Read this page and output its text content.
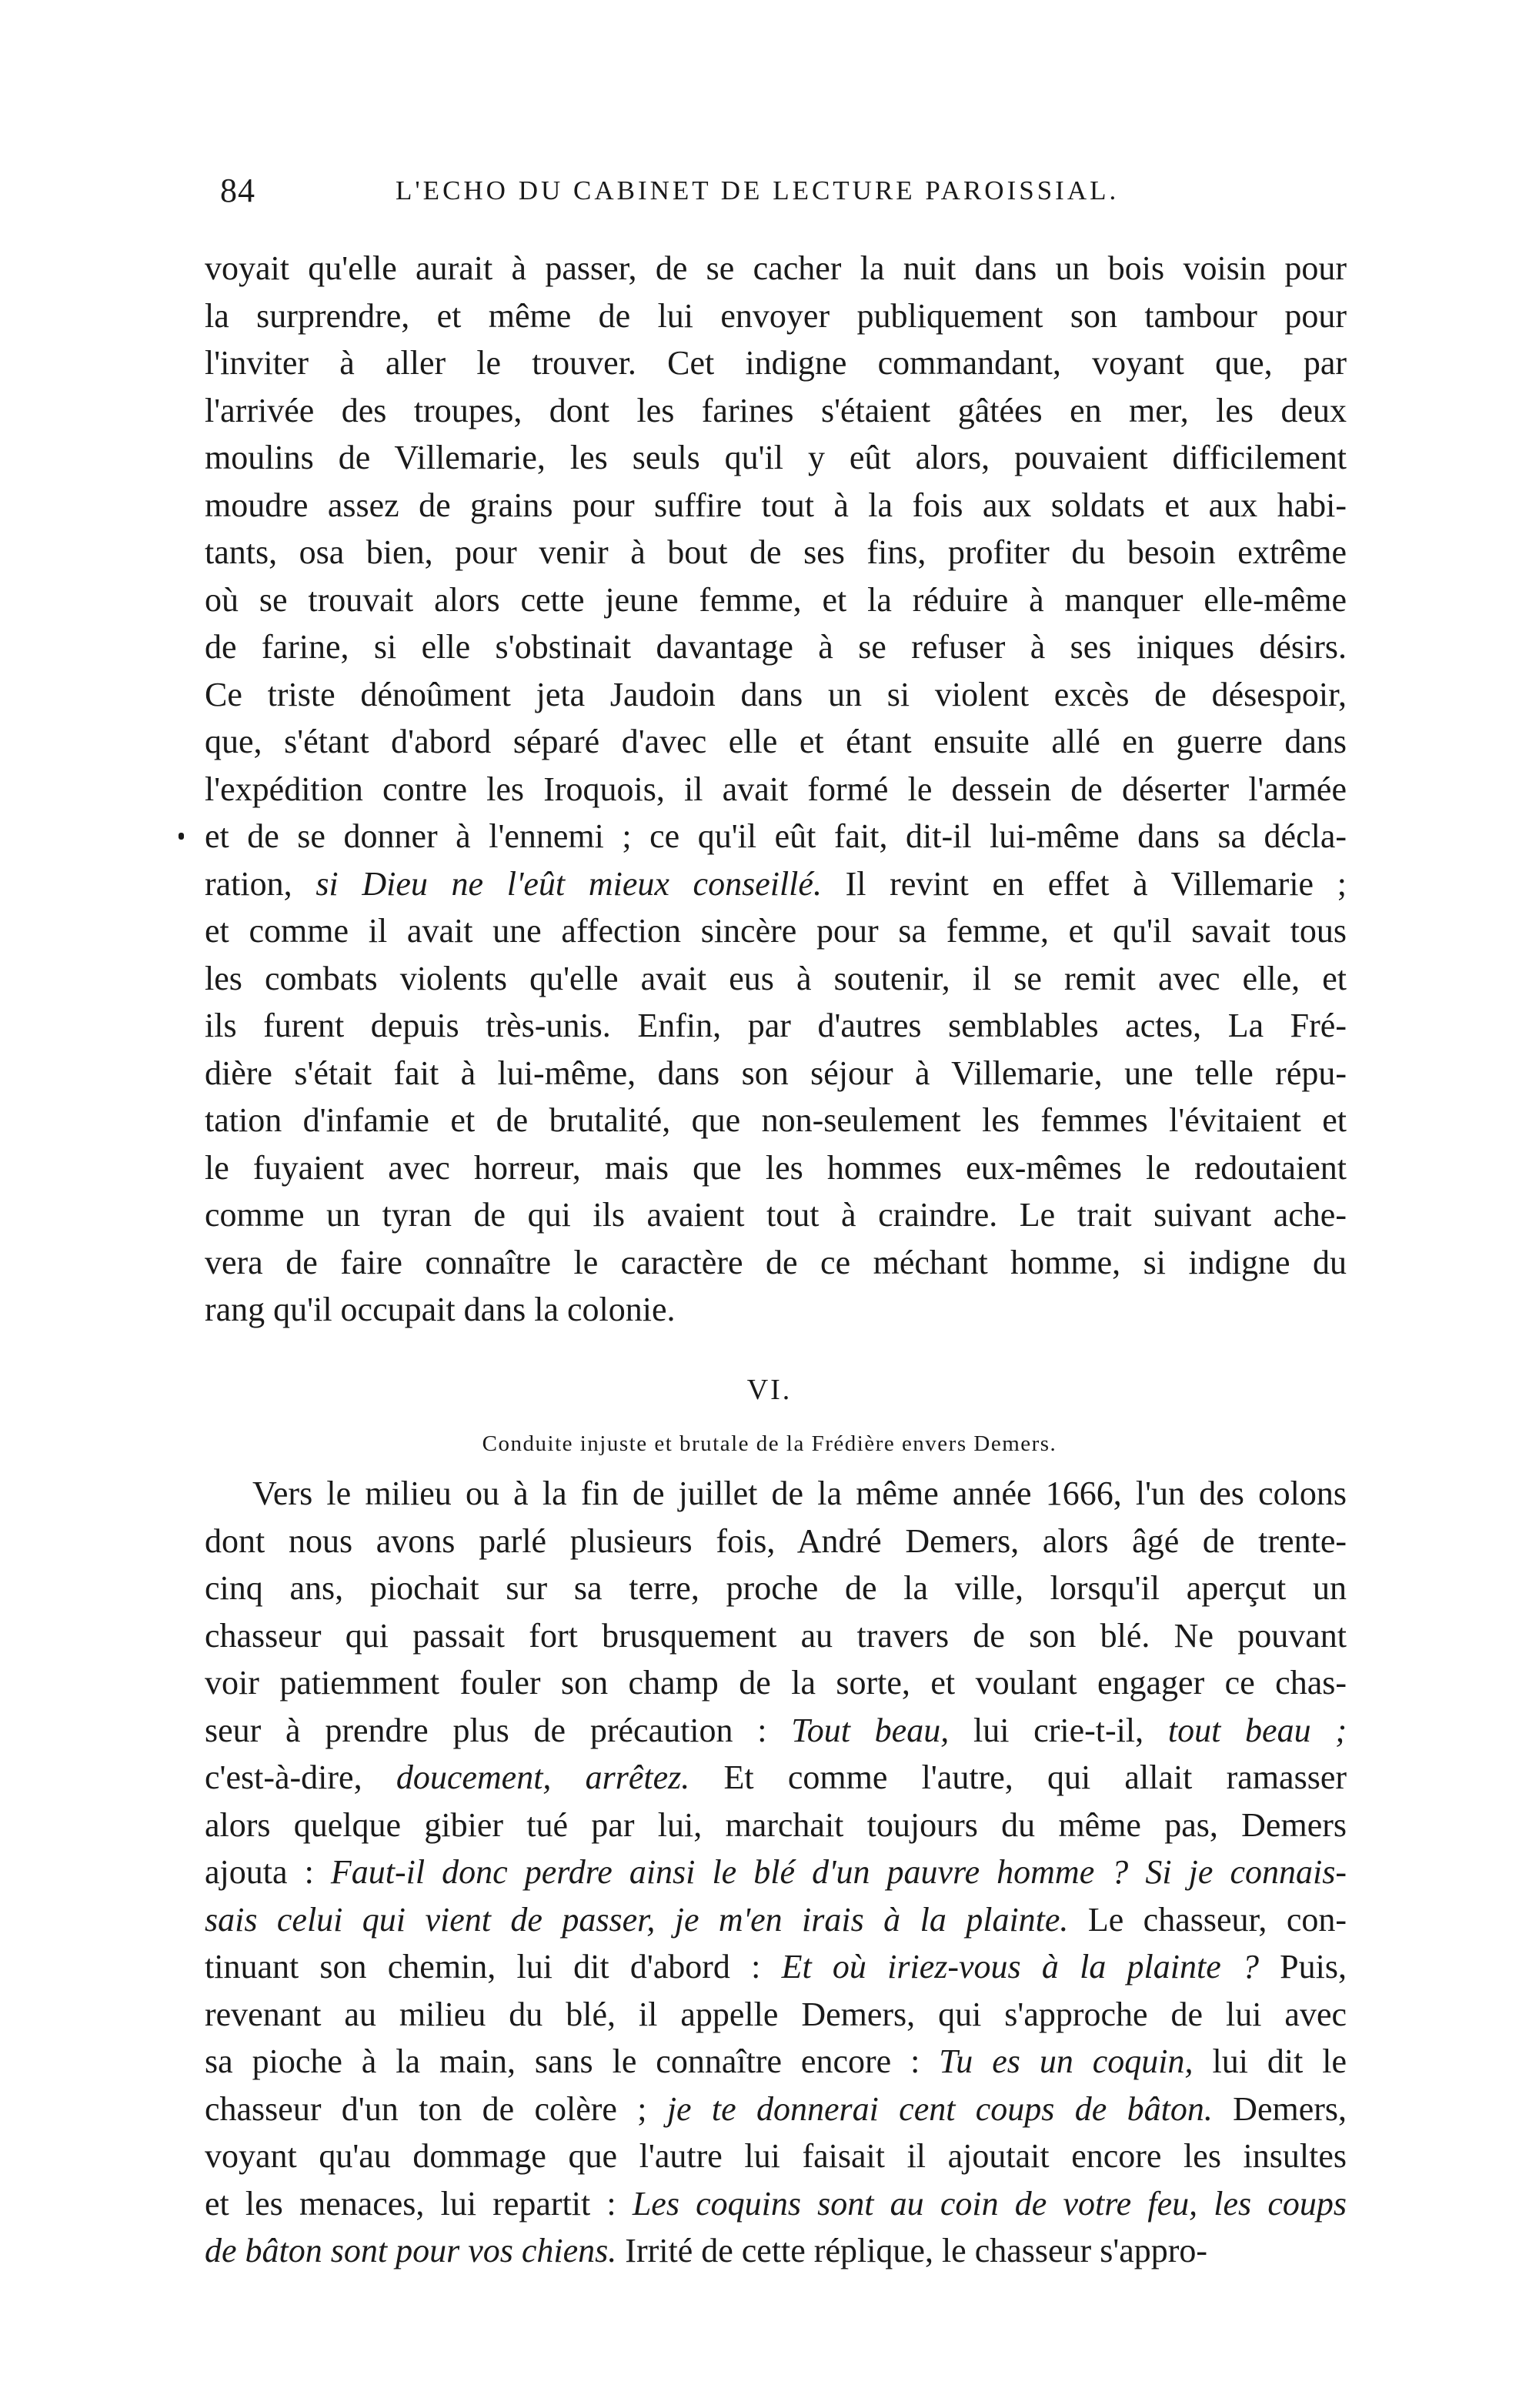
84	L'ECHO DU CABINET DE LECTURE PAROISSIAL.
voyait qu'elle aurait à passer, de se cacher la nuit dans un bois voisin pour
la surprendre, et même de lui envoyer publiquement son tambour pour
l'inviter à aller le trouver. Cet indigne commandant, voyant que, par
l'arrivée des troupes, dont les farines s'étaient gâtées en mer, les deux
moulins de Villemarie, les seuls qu'il y eût alors, pouvaient difficilement
moudre assez de grains pour suffire tout à la fois aux soldats et aux habi-
tants, osa bien, pour venir à bout de ses fins, profiter du besoin extrême
où se trouvait alors cette jeune femme, et la réduire à manquer elle-même
de farine, si elle s'obstinait davantage à se refuser à ses iniques désirs.
Ce triste dénoûment jeta Jaudoin dans un si violent excès de désespoir,
que, s'étant d'abord séparé d'avec elle et étant ensuite allé en guerre dans
l'expédition contre les Iroquois, il avait formé le dessein de déserter l'armée
et de se donner à l'ennemi ; ce qu'il eût fait, dit-il lui-même dans sa décla-
ration, si Dieu ne l'eût mieux conseillé. Il revint en effet à Villemarie ;
et comme il avait une affection sincère pour sa femme, et qu'il savait tous
les combats violents qu'elle avait eus à soutenir, il se remit avec elle, et
ils furent depuis très-unis. Enfin, par d'autres semblables actes, La Fré-
dière s'était fait à lui-même, dans son séjour à Villemarie, une telle répu-
tation d'infamie et de brutalité, que non-seulement les femmes l'évitaient et
le fuyaient avec horreur, mais que les hommes eux-mêmes le redoutaient
comme un tyran de qui ils avaient tout à craindre. Le trait suivant ache-
vera de faire connaître le caractère de ce méchant homme, si indigne du
rang qu'il occupait dans la colonie.
VI.
Conduite injuste et brutale de la Frédière envers Demers.
Vers le milieu ou à la fin de juillet de la même année 1666, l'un des colons
dont nous avons parlé plusieurs fois, André Demers, alors âgé de trente-
cinq ans, piochait sur sa terre, proche de la ville, lorsqu'il aperçut un
chasseur qui passait fort brusquement au travers de son blé. Ne pouvant
voir patiemment fouler son champ de la sorte, et voulant engager ce chas-
seur à prendre plus de précaution : Tout beau, lui crie-t-il, tout beau ;
c'est-à-dire, doucement, arrêtez. Et comme l'autre, qui allait ramasser
alors quelque gibier tué par lui, marchait toujours du même pas, Demers
ajouta : Faut-il donc perdre ainsi le blé d'un pauvre homme ? Si je connais-
sais celui qui vient de passer, je m'en irais à la plainte. Le chasseur, con-
tinuant son chemin, lui dit d'abord : Et où iriez-vous à la plainte ? Puis,
revenant au milieu du blé, il appelle Demers, qui s'approche de lui avec
sa pioche à la main, sans le connaître encore : Tu es un coquin, lui dit le
chasseur d'un ton de colère ; je te donnerai cent coups de bâton. Demers,
voyant qu'au dommage que l'autre lui faisait il ajoutait encore les insultes
et les menaces, lui repartit : Les coquins sont au coin de votre feu, les coups
de bâton sont pour vos chiens. Irrité de cette réplique, le chasseur s'appro-
